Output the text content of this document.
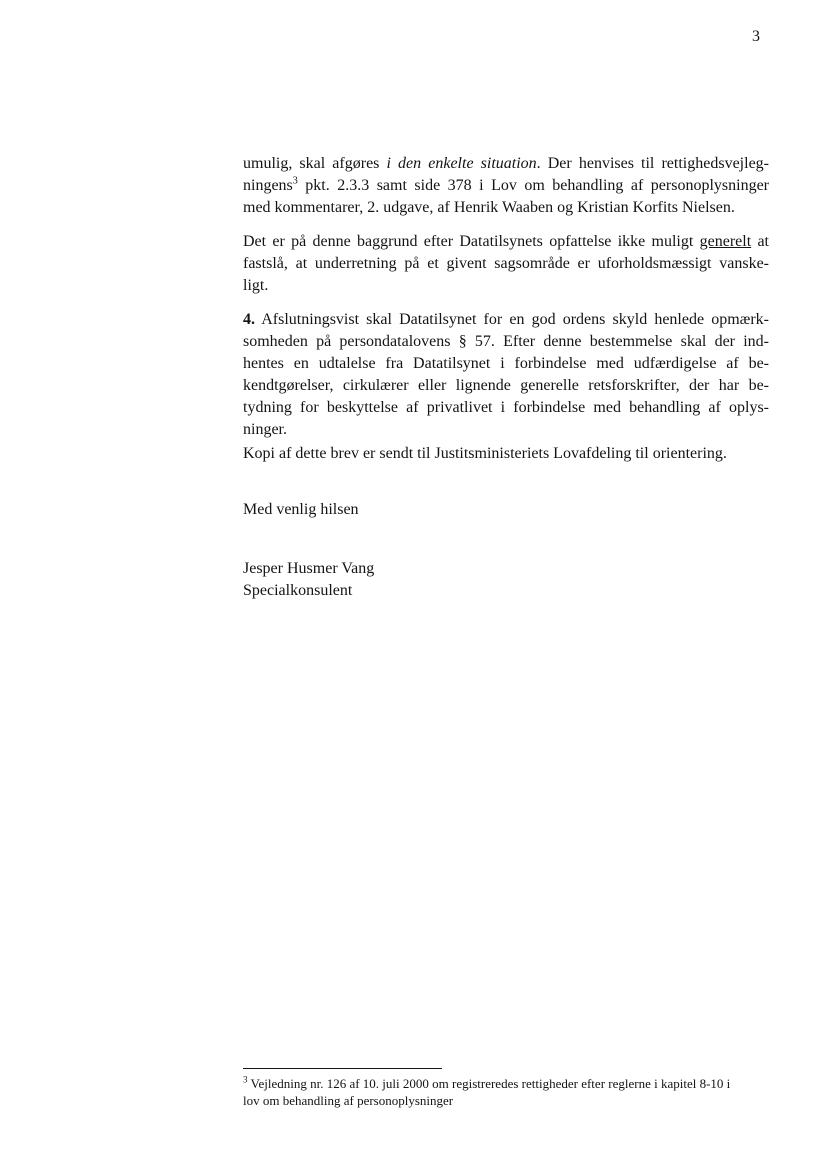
3

umulig, skal afgøres i den enkelte situation. Der henvises til rettighedsvejleg-
ningens$^3$ pkt. 2.3.3 samt side 378 i Lov om behandling af personoplysninger
med kommentarer, 2. udgave, af Henrik Waaben og Kristian Korfits Nielsen.

Det er på denne baggrund efter Datatilsynets opfattelse ikke muligt generelt at
fastslå, at underretning på et givent sagsområde er uforholdsmæssigt vanske-
ligt.

4. Afslutningsvist skal Datatilsynet for en god ordens skyld henlede opmærk-
somheden på persondatalovens § 57. Efter denne bestemmelse skal der ind-
hentes en udtalelse fra Datatilsynet i forbindelse med udfærdigelse af be-
kendtgørelser, cirkulærer eller lignende generelle retsforskrifter, der har be-
tydning for beskyttelse af privatlivet i forbindelse med behandling af oplys-
ninger.

Kopi af dette brev er sendt til Justitsministeriets Lovafdeling til orientering.

Med venlig hilsen

Jesper Husmer Vang
Specialkonsulent

$^3$ Vejledning nr. 126 af 10. juli 2000 om registreredes rettigheder efter reglerne i kapitel 8-10 i
lov om behandling af personoplysninger
